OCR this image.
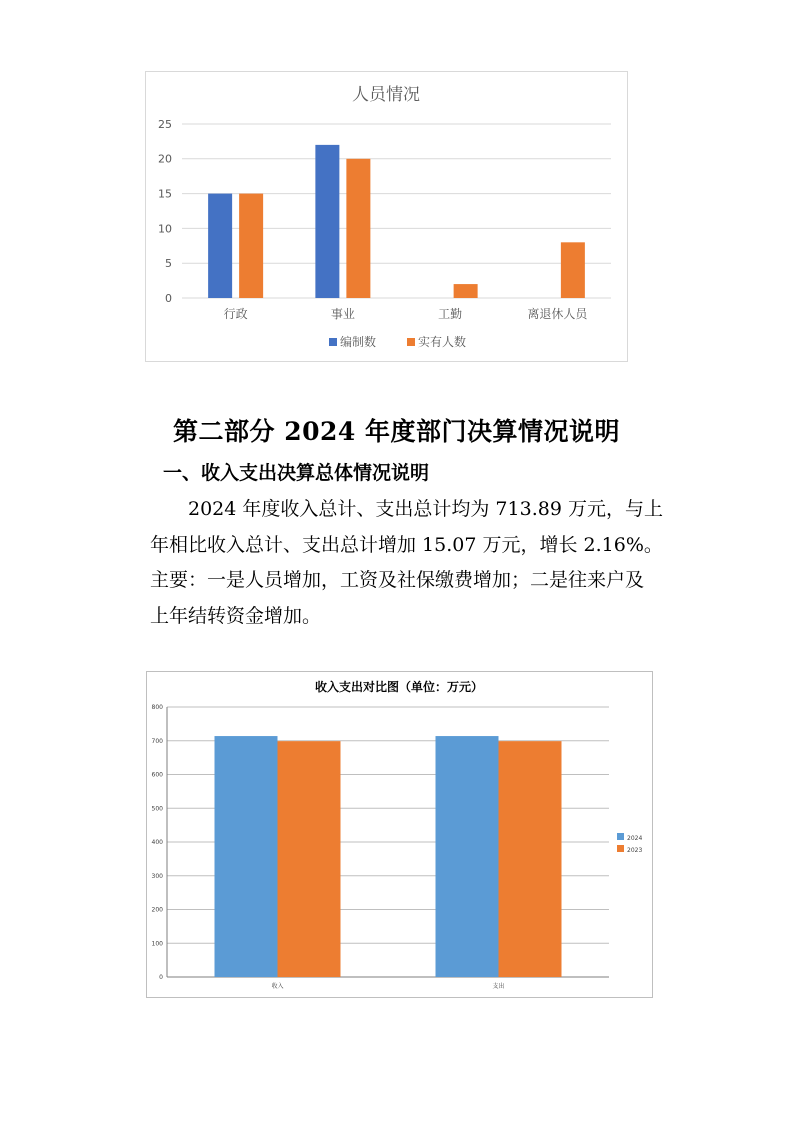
人员情况
0
5
10
15
20
25
行政	事业	工勤	离退休人员
编制数	实有人数
第二部分 2024 年度部门决算情况说明
一、收入支出决算总体情况说明
2024 年度收入总计、支出总计均为 713.89 万元，与上
年相比收入总计、支出总计增加 15.07 万元，增长 2.16%。
主要：一是人员增加，工资及社保缴费增加；二是往来户及
上年结转资金增加。
收入支出对比图（单位：万元）
0
100
200
300
400
500
600
700
800
收入	支出
2024
2023
